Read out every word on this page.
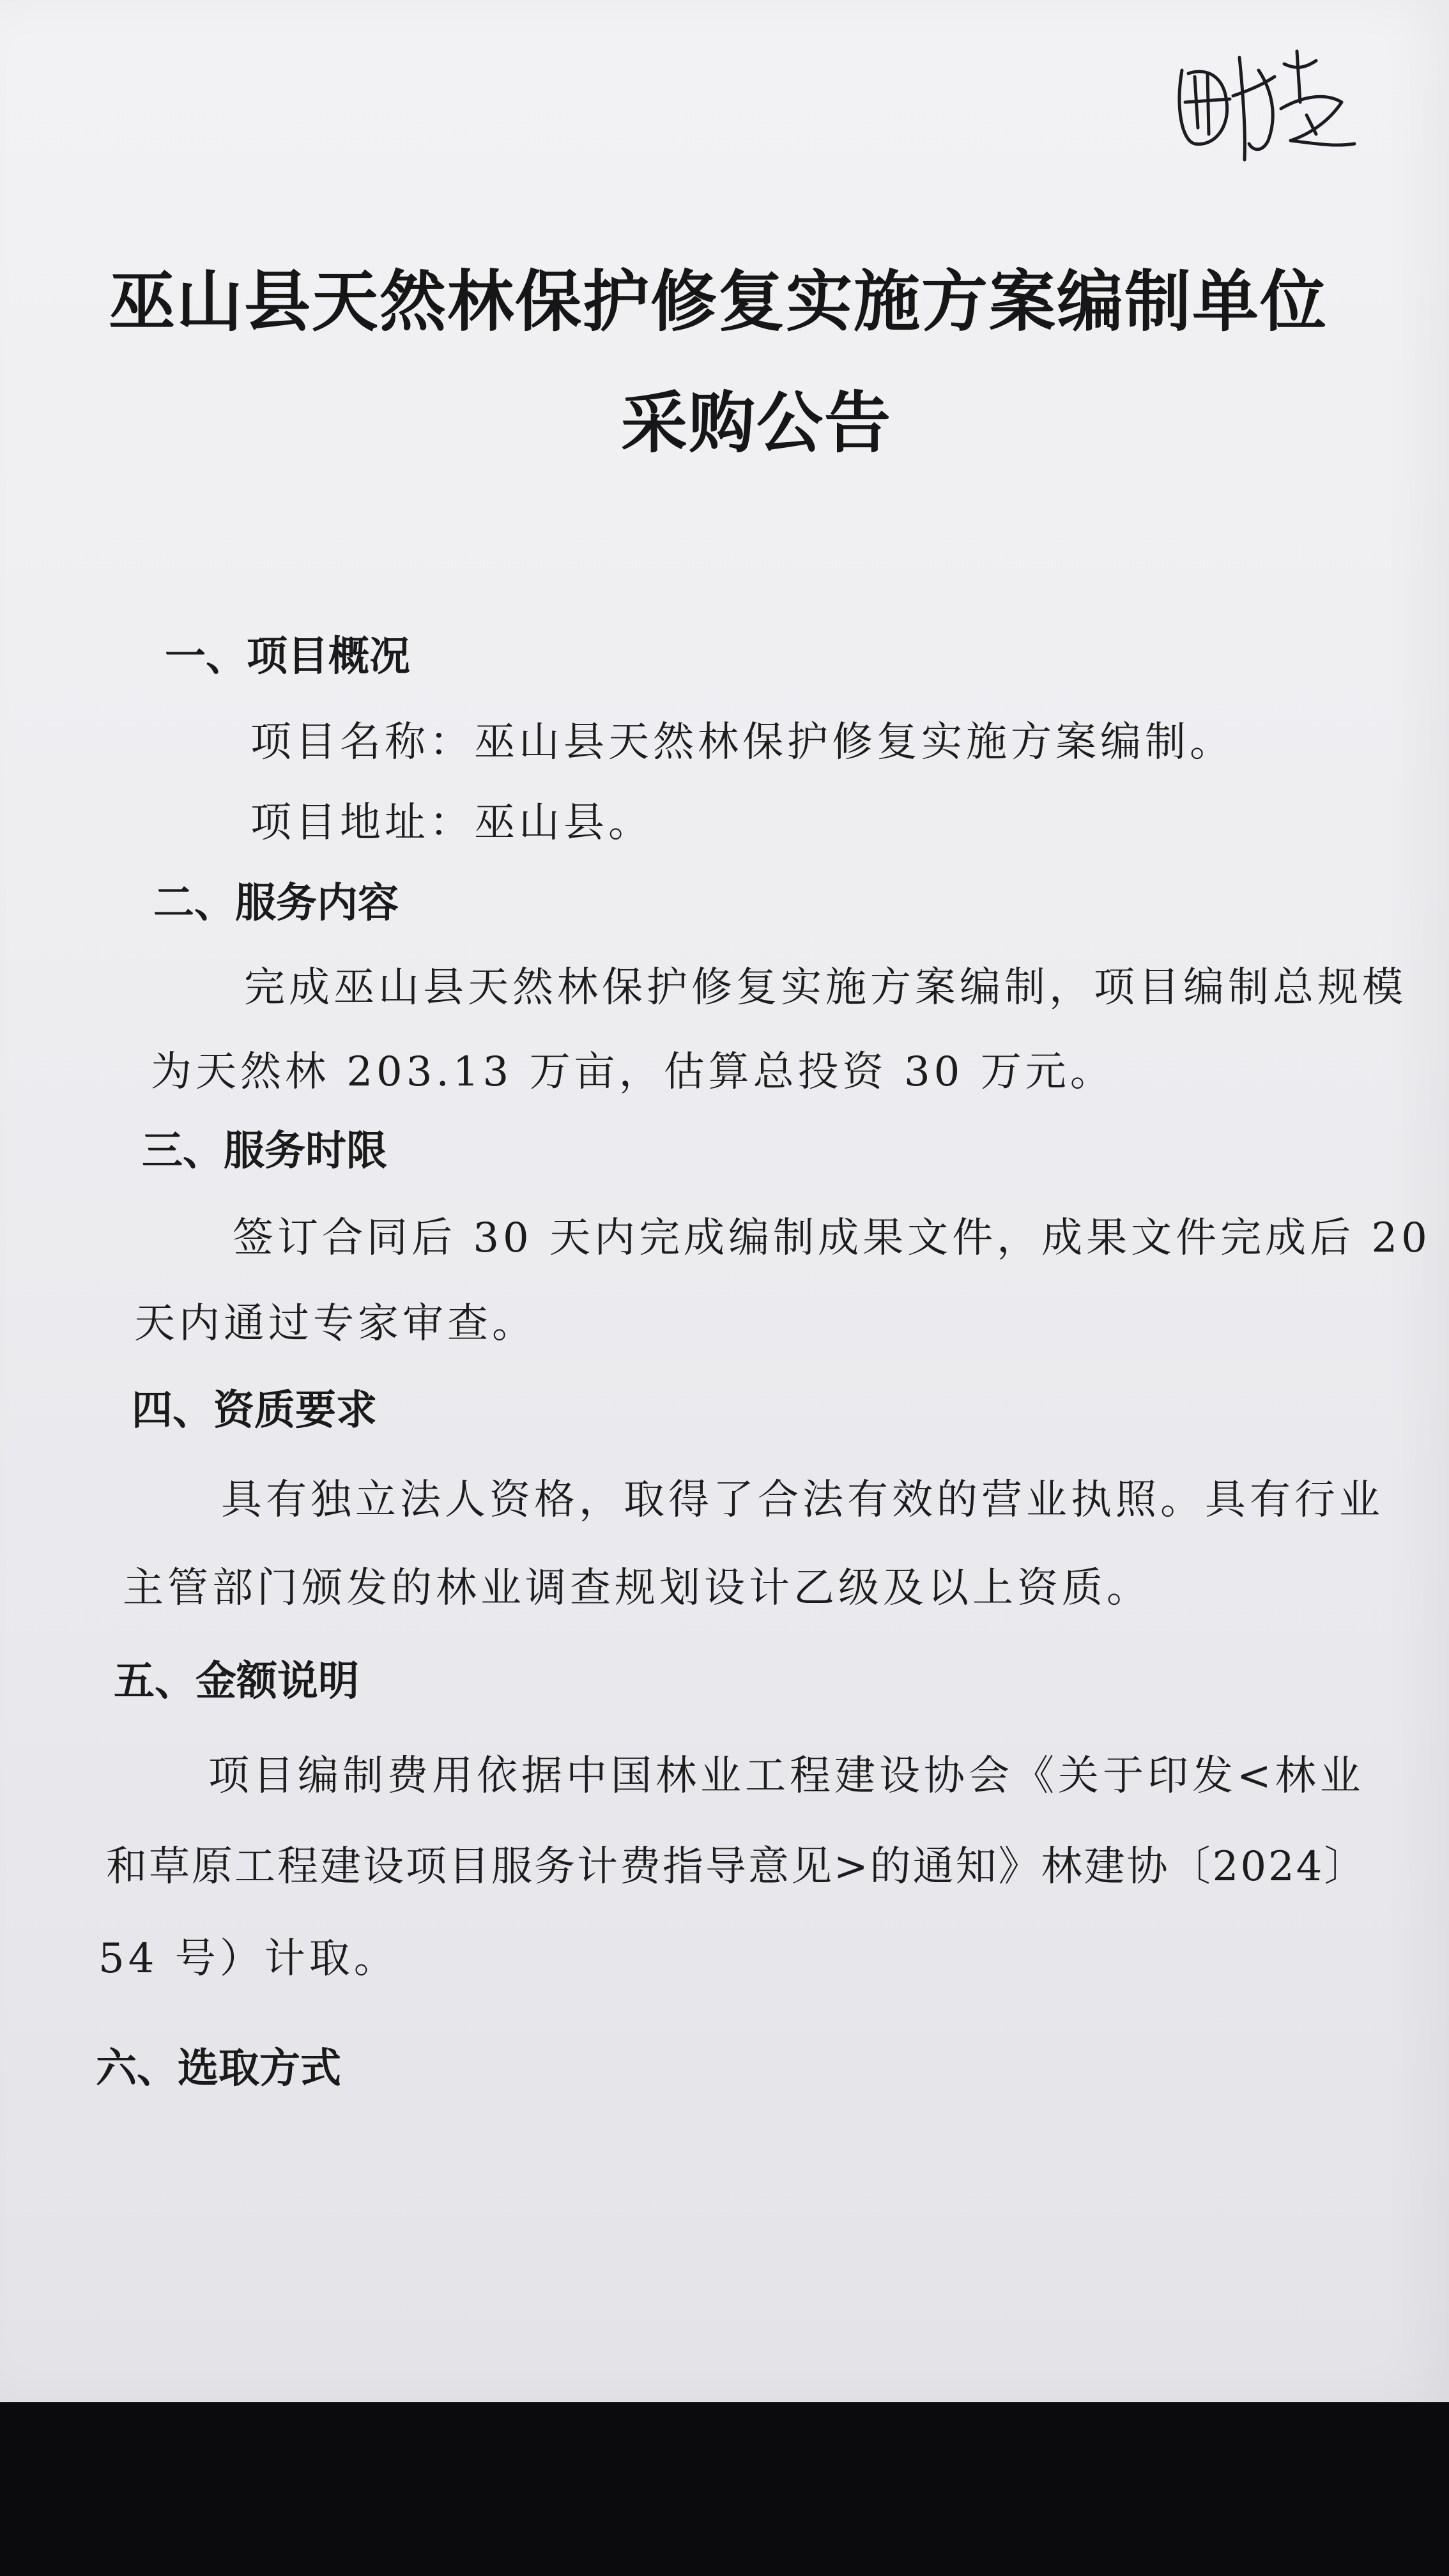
巫山县天然林保护修复实施方案编制单位
采购公告
一、项目概况
项目名称：巫山县天然林保护修复实施方案编制。
项目地址：巫山县。
二、服务内容
完成巫山县天然林保护修复实施方案编制，项目编制总规模
为天然林 203.13 万亩，估算总投资 30 万元。
三、服务时限
签订合同后 30 天内完成编制成果文件，成果文件完成后 20
天内通过专家审查。
四、资质要求
具有独立法人资格，取得了合法有效的营业执照。具有行业
主管部门颁发的林业调查规划设计乙级及以上资质。
五、金额说明
项目编制费用依据中国林业工程建设协会《关于印发<林业
和草原工程建设项目服务计费指导意见>的通知》林建协〔2024〕
54 号）计取。
六、选取方式
